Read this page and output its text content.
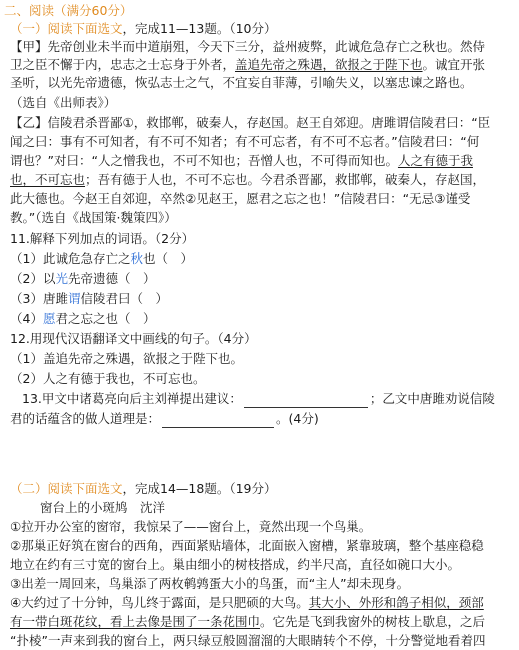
二、阅读（满分60分）
（一）阅读下面选文，完成11—13题。（10分）
【甲】先帝创业未半而中道崩殂，今天下三分，益州疲弊，此诚危急存亡之秋也。然侍
卫之臣不懈于内，忠志之士忘身于外者，盖追先帝之殊遇，欲报之于陛下也。诚宜开张
圣听，以光先帝遗德，恢弘志士之气，不宜妄自菲薄，引喻失义，以塞忠谏之路也。
（选自《出师表》）
【乙】信陵君杀晋鄙①，救邯郸，破秦人，存赵国。赵王自郊迎。唐雎谓信陵君曰：“臣
闻之曰：事有不可知者，有不可不知者；有不可忘者，有不可不忘者。”信陵君曰：“何
谓也？”对曰：“人之憎我也，不可不知也；吾憎人也，不可得而知也。人之有德于我
也，不可忘也；吾有德于人也，不可不忘也。今君杀晋鄙，救邯郸，破秦人，存赵国，
此大德也。今赵王自郊迎，卒然②见赵王，愿君之忘之也！”信陵君曰：“无忌③谨受
教。”（选自《战国策·魏策四》）
11.解释下列加点的词语。（2分）
（1）此诚危急存亡之秋也（　）
（2）以光先帝遗德（　）
（3）唐雎谓信陵君曰（　）
（4）愿君之忘之也（　）
12.用现代汉语翻译文中画线的句子。（4分）
（1）盖追先帝之殊遇，欲报之于陛下也。
（2）人之有德于我也，不可忘也。
13.甲文中诸葛亮向后主刘禅提出建议：	；乙文中唐雎劝说信陵
君的话蕴含的做人道理是：	。(4分)
（二）阅读下面选文，完成14—18题。（19分）
窗台上的小斑鸠　沈洋
①拉开办公室的窗帘，我惊呆了——窗台上，竟然出现一个鸟巢。
②那巢正好筑在窗台的西角，西面紧贴墙体，北面嵌入窗槽，紧靠玻璃，整个基座稳稳
地立在约有三寸宽的窗台上。巢由细小的树枝搭成，约半尺高，直径如碗口大小。
③出差一周回来，鸟巢添了两枚鹌鹑蛋大小的鸟蛋，而“主人”却未现身。
④大约过了十分钟，鸟儿终于露面，是只肥硕的大鸟。其大小、外形和鸽子相似，颈部
有一带白斑花纹，看上去像是围了一条花围巾。它先是飞到我窗外的树枝上歇息，之后
“扑棱”一声来到我的窗台上，两只绿豆般圆溜溜的大眼睛转个不停，十分警觉地看着四
